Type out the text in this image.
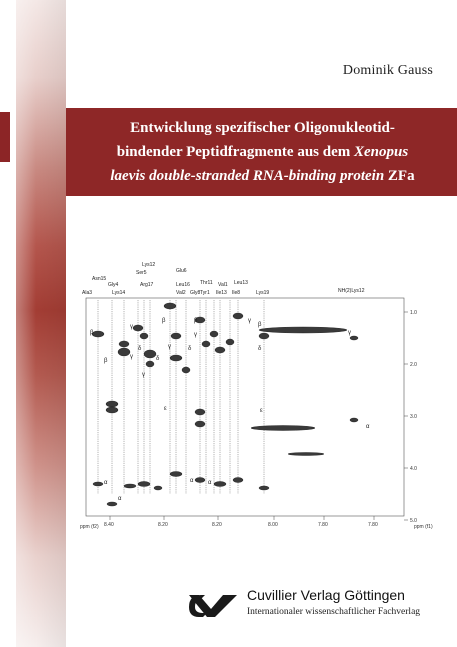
Dominik Gauss
Entwicklung spezifischer Oligonukleotid-
bindender Peptidfragmente aus dem Xenopus
laevis double-stranded RNA-binding protein ZFa
Lys12
Glu6
Ser5
Asn15
Gly4	Arg17	Leu16 Thr11 Val1 Leu13
Ala3	Lys14	Gly8
Val2	Tyr1 Ile13 Ile8	Lys19	NH(2)Lys12
β
β
γ
γ
δ
γ
δ
β
γ
ε
α
α
β
γ
δ
α α
γ
β
δ
ε
γ
α
1.0
2.0
3.0
4.0
5.0
ppm (f1)
8.40	8.20	8.20	8.00	7.80	7.80
ppm (f2)
Cuvillier Verlag Göttingen
Internationaler wissenschaftlicher Fachverlag
